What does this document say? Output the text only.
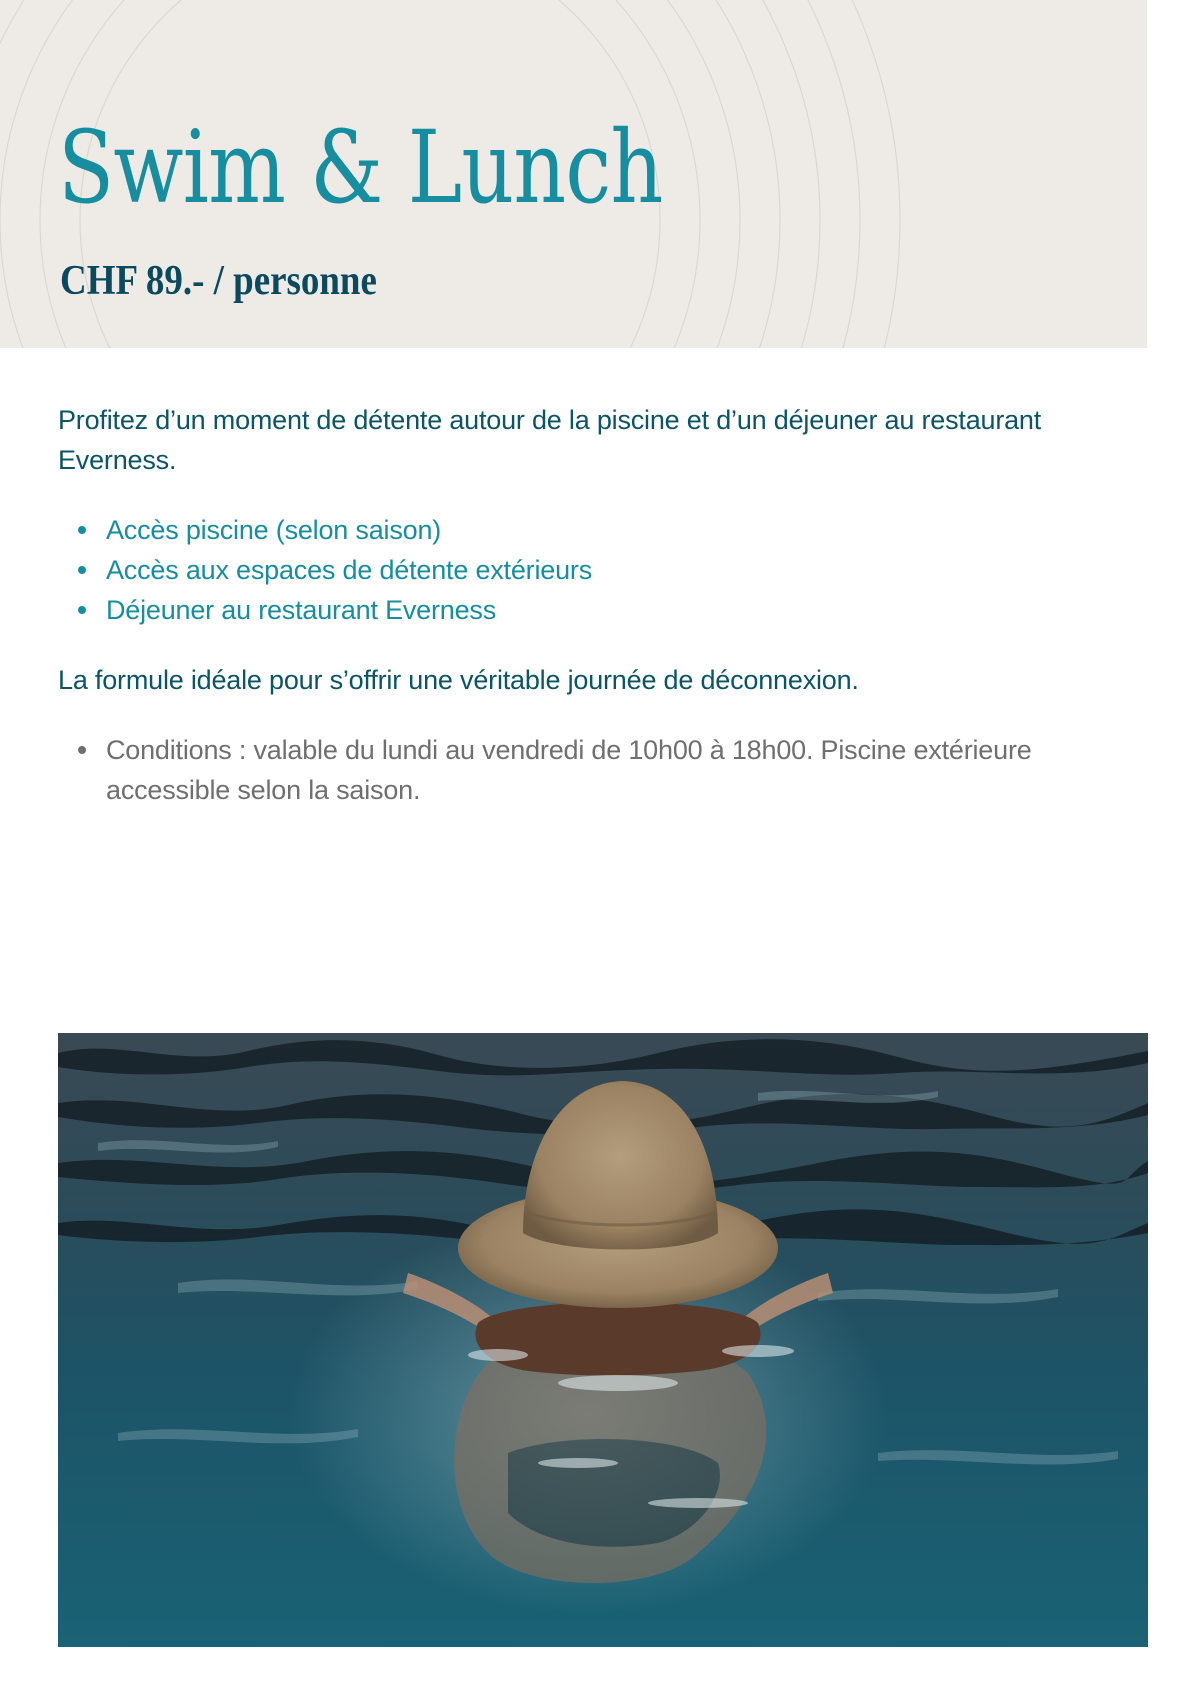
Swim & Lunch

CHF 89.- / personne

Profitez d’un moment de détente autour de la piscine et d’un déjeuner au restaurant Everness.

Accès piscine (selon saison)
Accès aux espaces de détente extérieurs
Déjeuner au restaurant Everness

La formule idéale pour s’offrir une véritable journée de déconnexion.

Conditions : valable du lundi au vendredi de 10h00 à 18h00. Piscine extérieure accessible selon la saison.
